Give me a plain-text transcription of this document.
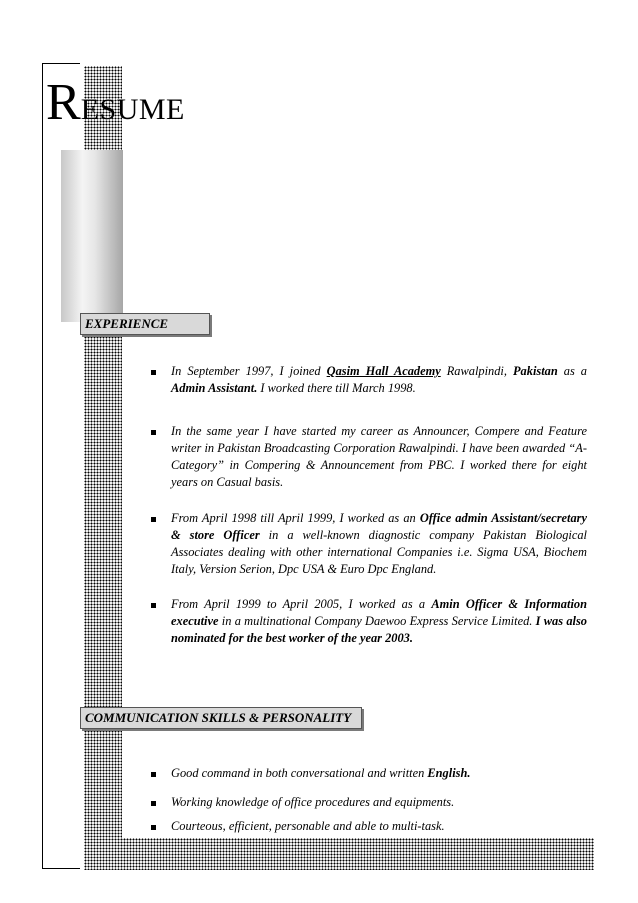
RESUME
EXPERIENCE
In September 1997, I joined Qasim Hall Academy Rawalpindi, Pakistan as a Admin Assistant. I worked there till March 1998.
In the same year I have started my career as Announcer, Compere and Feature writer in Pakistan Broadcasting Corporation Rawalpindi. I have been awarded “A-Category” in Compering & Announcement from PBC. I worked there for eight years on Casual basis.
From April 1998 till April 1999, I worked as an Office admin Assistant/secretary & store Officer in a well-known diagnostic company Pakistan Biological Associates dealing with other international Companies i.e. Sigma USA, Biochem Italy, Version Serion, Dpc USA & Euro Dpc England.
From April 1999 to April 2005, I worked as a Amin Officer & Information executive in a multinational Company Daewoo Express Service Limited. I was also nominated for the best worker of the year 2003.
COMMUNICATION SKILLS & PERSONALITY
Good command in both conversational and written English.
Working knowledge of office procedures and equipments.
Courteous, efficient, personable and able to multi-task.
